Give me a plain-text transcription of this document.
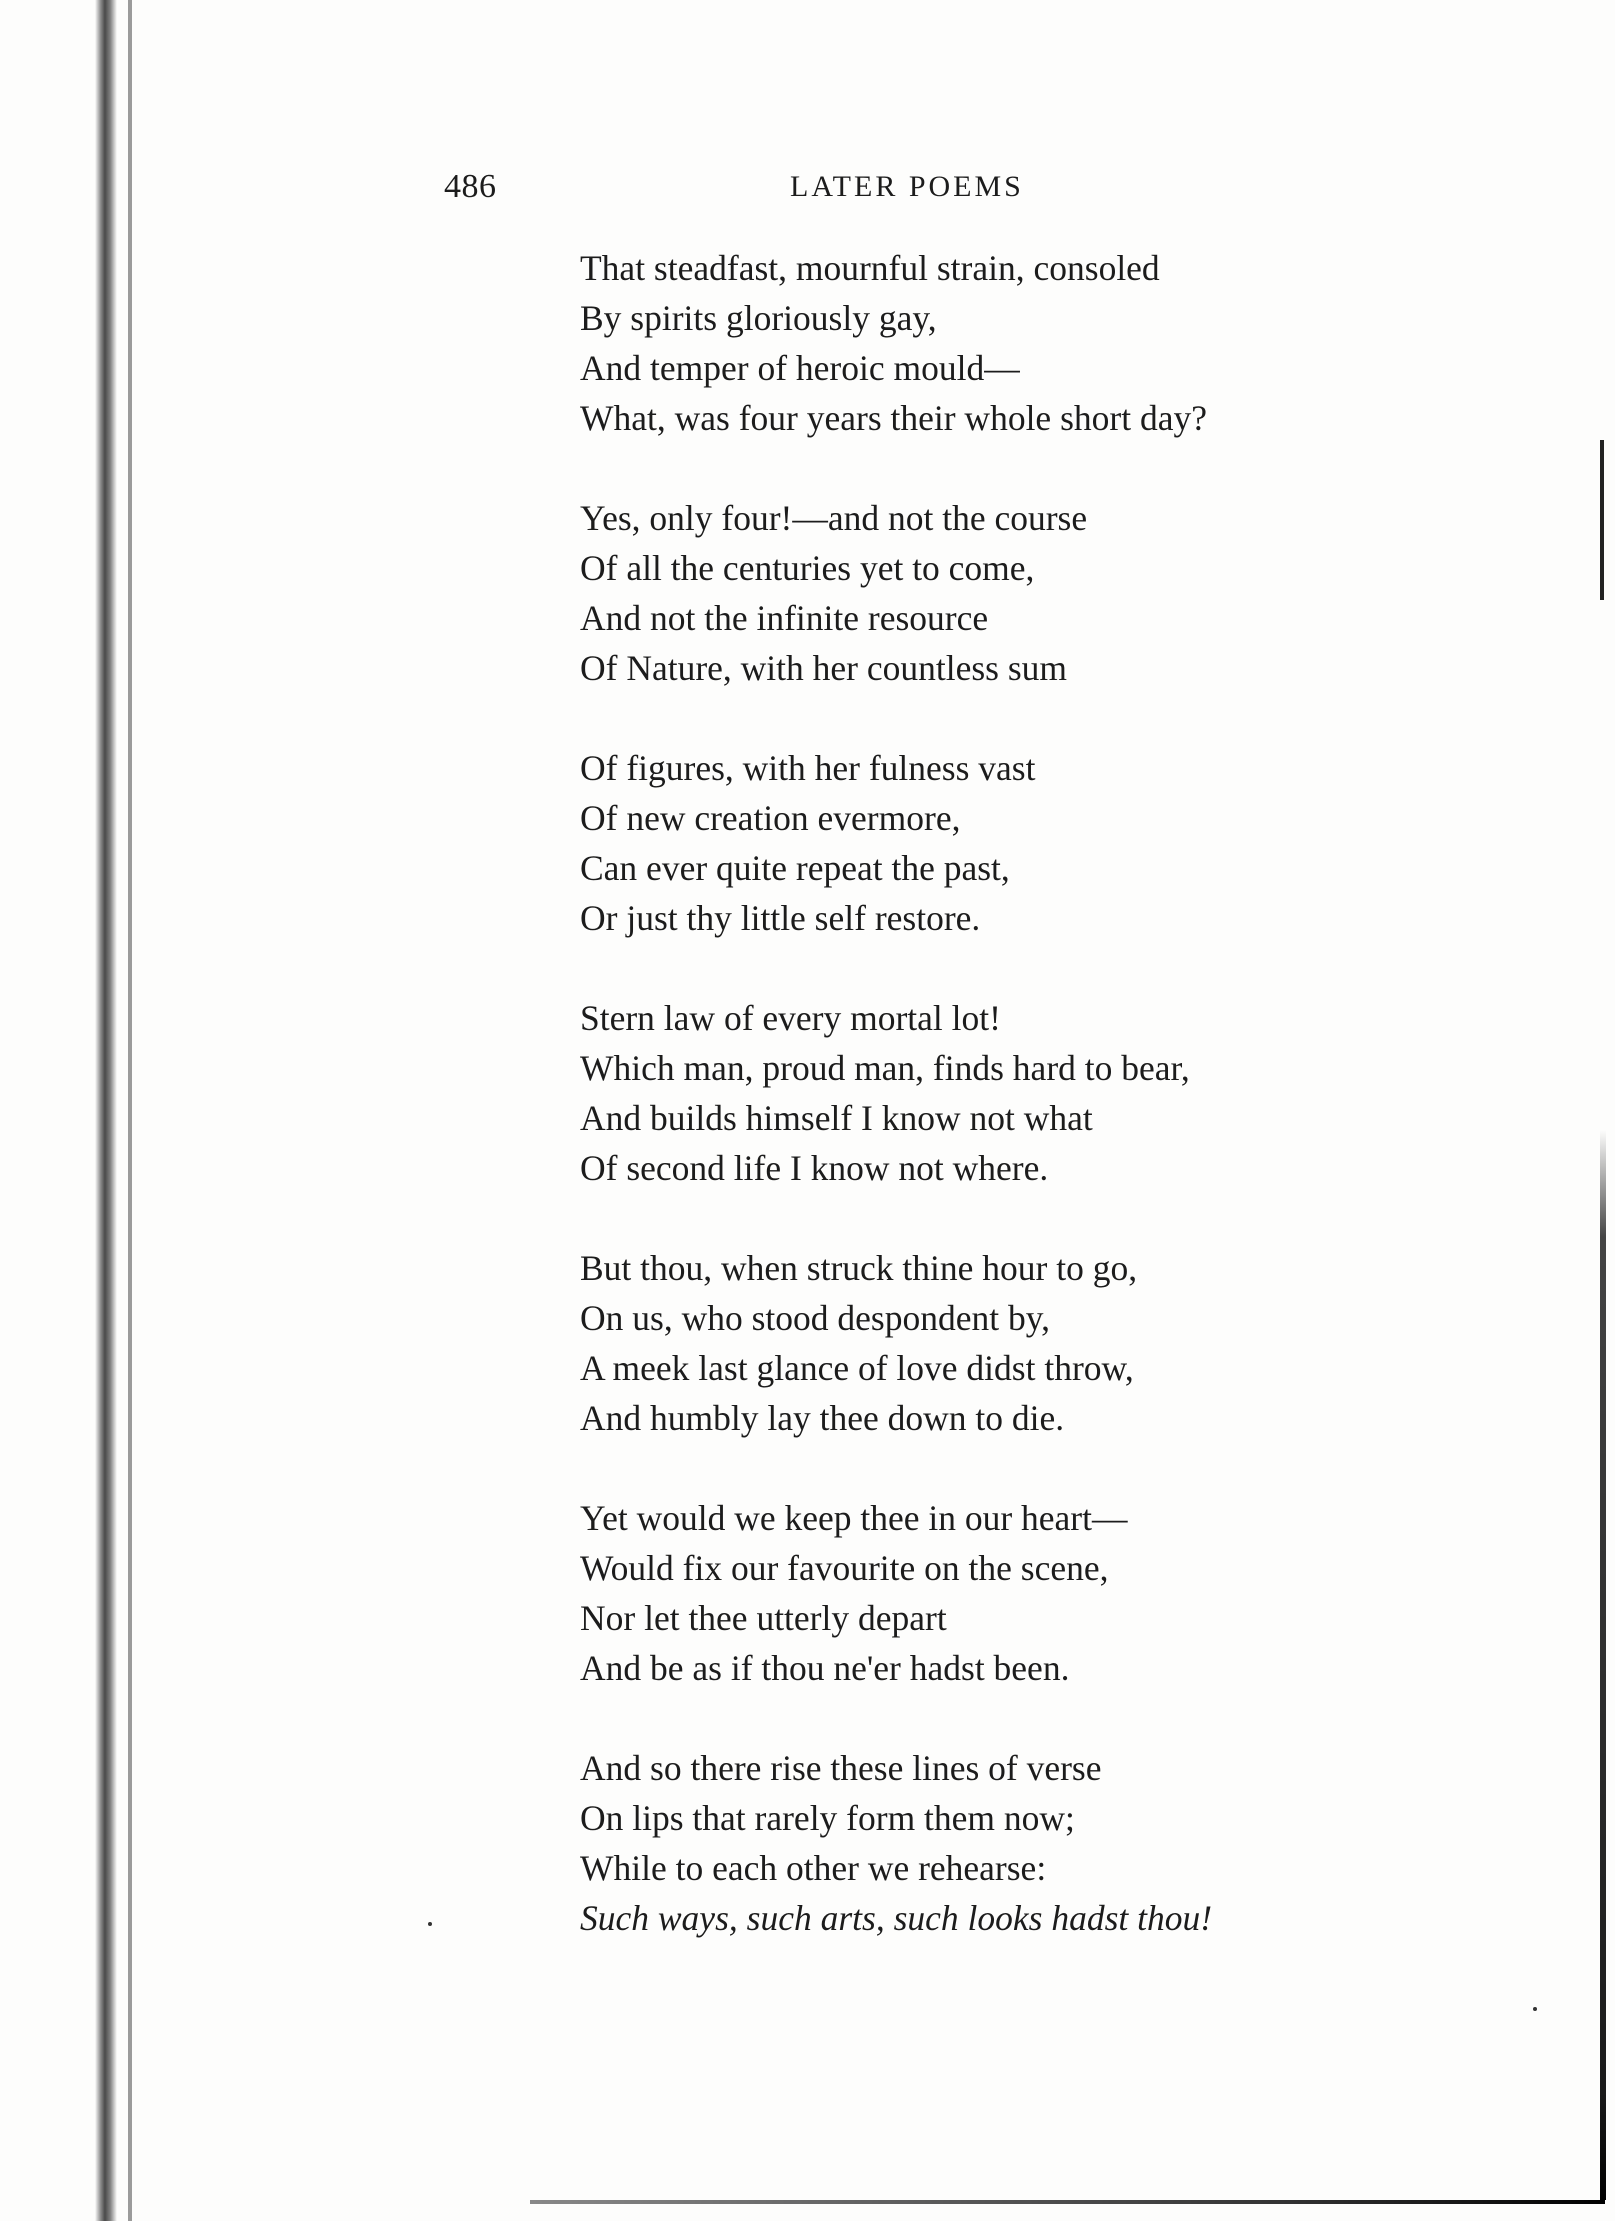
486	LATER POEMS
That steadfast, mournful strain, consoled
By spirits gloriously gay,
And temper of heroic mould—
What, was four years their whole short day?
Yes, only four!—and not the course
Of all the centuries yet to come,
And not the infinite resource
Of Nature, with her countless sum
Of figures, with her fulness vast
Of new creation evermore,
Can ever quite repeat the past,
Or just thy little self restore.
Stern law of every mortal lot!
Which man, proud man, finds hard to bear,
And builds himself I know not what
Of second life I know not where.
But thou, when struck thine hour to go,
On us, who stood despondent by,
A meek last glance of love didst throw,
And humbly lay thee down to die.
Yet would we keep thee in our heart—
Would fix our favourite on the scene,
Nor let thee utterly depart
And be as if thou ne'er hadst been.
And so there rise these lines of verse
On lips that rarely form them now;
While to each other we rehearse:
Such ways, such arts, such looks hadst thou!
